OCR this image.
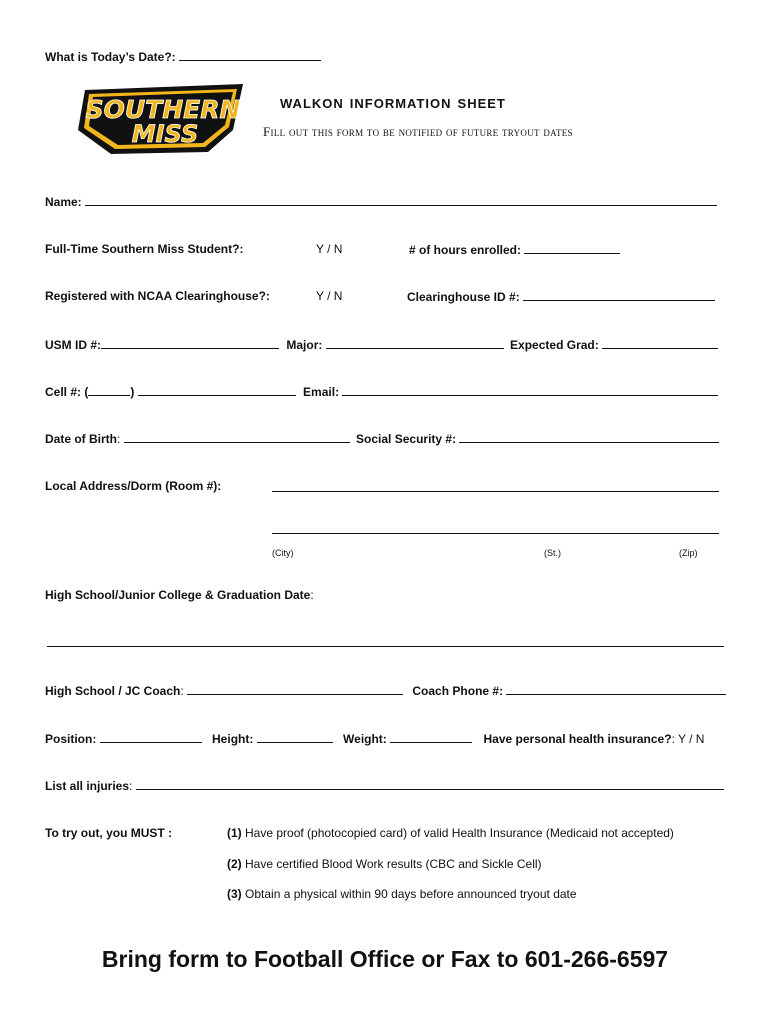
What is Today’s Date?:
SOUTHERN
MISS
walkon information sheet
Fill out this form to be notified of future tryout dates
Name:
Full-Time Southern Miss Student?:	Y / N	# of hours enrolled:
Registered with NCAA Clearinghouse?:	Y / N	Clearinghouse ID #:
USM ID #:	Major:	Expected Grad:
Cell #: (	)	Email:
Date of Birth:	Social Security #:
Local Address/Dorm (Room #):
(City)	(St.)	(Zip)
High School/Junior College & Graduation Date:
High School / JC Coach:	Coach Phone #:
Position:	Height:	Weight:	Have personal health insurance?: Y / N
List all injuries:
To try out, you MUST :	(1) Have proof (photocopied card) of valid Health Insurance (Medicaid not accepted)
(2) Have certified Blood Work results (CBC and Sickle Cell)
(3) Obtain a physical within 90 days before announced tryout date
Bring form to Football Office or Fax to 601-266-6597
